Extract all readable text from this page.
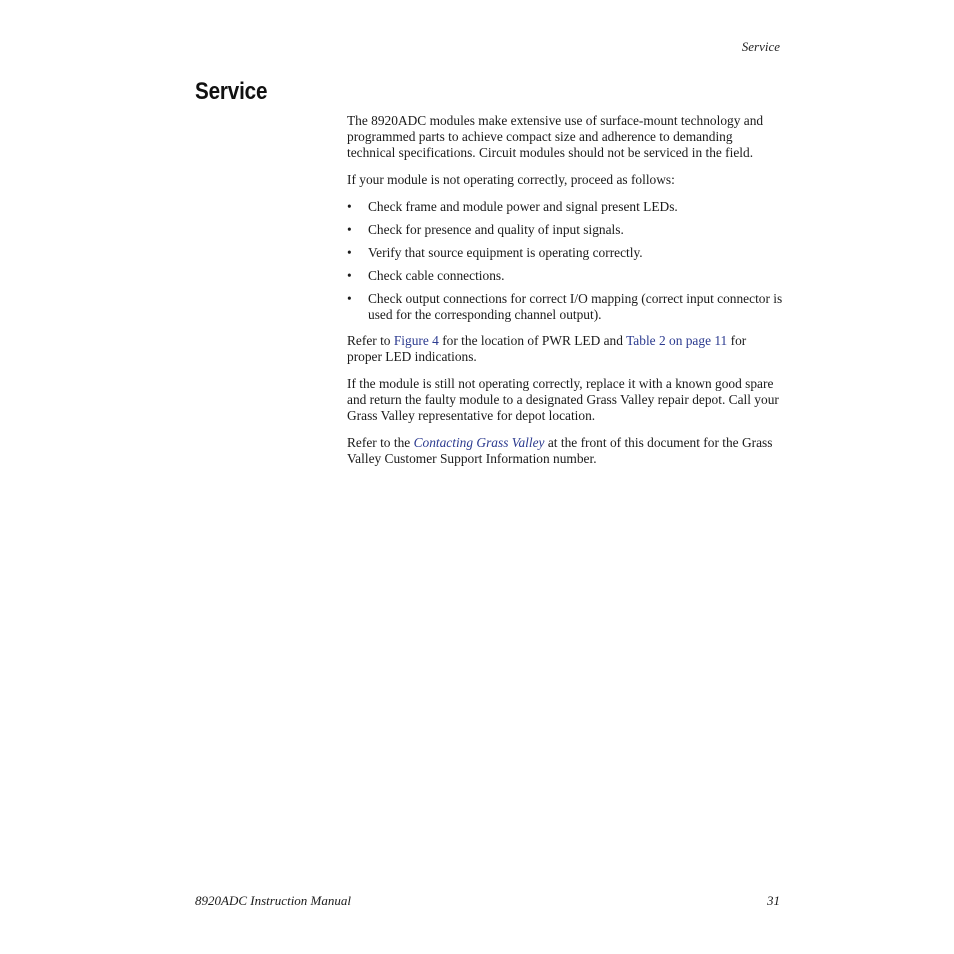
Service
Service

The 8920ADC modules make extensive use of surface-mount technology and programmed parts to achieve compact size and adherence to demanding technical specifications. Circuit modules should not be serviced in the field.

If your module is not operating correctly, proceed as follows:

• Check frame and module power and signal present LEDs.
• Check for presence and quality of input signals.
• Verify that source equipment is operating correctly.
• Check cable connections.
• Check output connections for correct I/O mapping (correct input connector is used for the corresponding channel output).

Refer to Figure 4 for the location of PWR LED and Table 2 on page 11 for proper LED indications.

If the module is still not operating correctly, replace it with a known good spare and return the faulty module to a designated Grass Valley repair depot. Call your Grass Valley representative for depot location.

Refer to the Contacting Grass Valley at the front of this document for the Grass Valley Customer Support Information number.

8920ADC Instruction Manual	31
